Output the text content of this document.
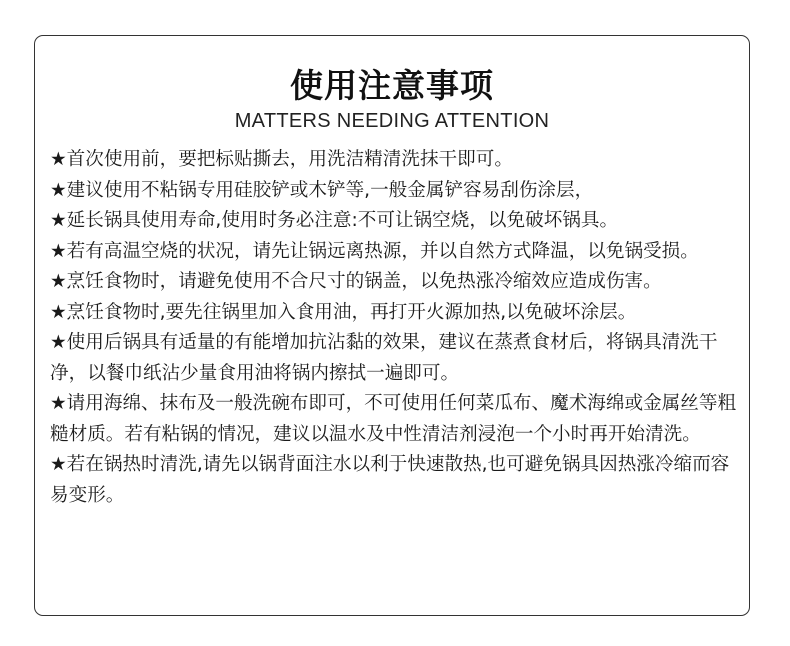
使用注意事项
MATTERS NEEDING ATTENTION
★首次使用前，要把标贴撕去，用洗洁精清洗抹干即可。
★建议使用不粘锅专用硅胶铲或木铲等,一般金属铲容易刮伤涂层，
★延长锅具使用寿命,使用时务必注意:不可让锅空烧，以免破坏锅具。
★若有高温空烧的状况，请先让锅远离热源，并以自然方式降温，以免锅受损。
★烹饪食物时，请避免使用不合尺寸的锅盖，以免热涨冷缩效应造成伤害。
★烹饪食物时,要先往锅里加入食用油，再打开火源加热,以免破坏涂层。
★使用后锅具有适量的有能增加抗沾黏的效果，建议在蒸煮食材后，将锅具清洗干净，以餐巾纸沾少量食用油将锅内擦拭一遍即可。
★请用海绵、抹布及一般洗碗布即可，不可使用任何菜瓜布、魔术海绵或金属丝等粗糙材质。若有粘锅的情况，建议以温水及中性清洁剂浸泡一个小时再开始清洗。
★若在锅热时清洗,请先以锅背面注水以利于快速散热,也可避免锅具因热涨冷缩而容易变形。
